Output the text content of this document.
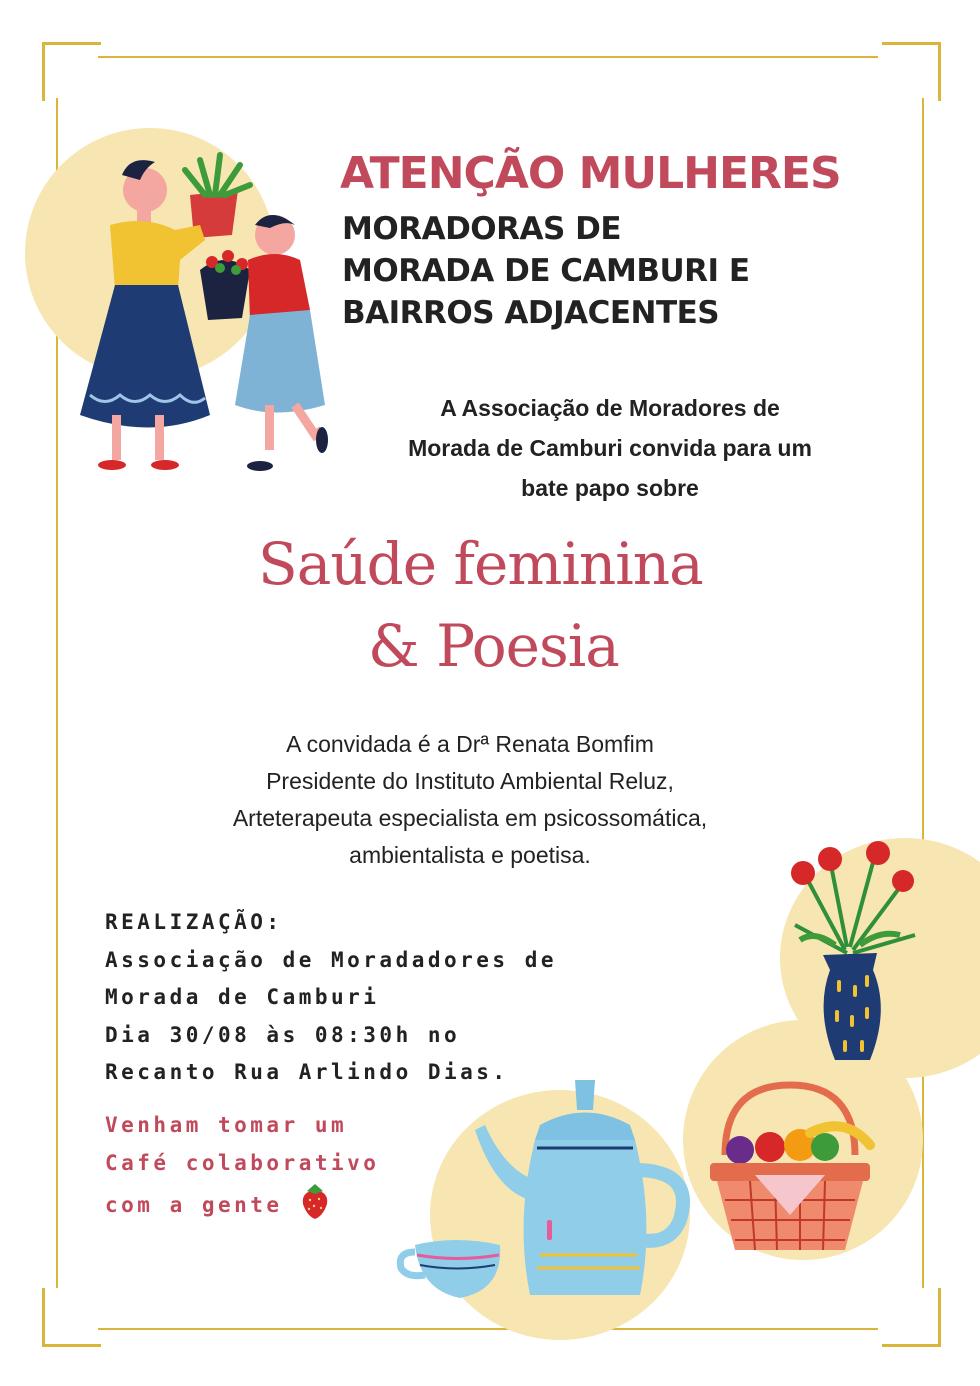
ATENÇÃO MULHERES
MORADORAS DE
MORADA DE CAMBURI E
BAIRROS ADJACENTES
A Associação de Moradores de
Morada de Camburi convida para um
bate papo sobre
Saúde feminina
& Poesia
A convidada é a Drª Renata Bomfim
Presidente do Instituto Ambiental Reluz,
Arteterapeuta especialista em psicossomática,
ambientalista e poetisa.
REALIZAÇÃO:
Associação de Moradadores de
Morada de Camburi
Dia 30/08 às 08:30h no
Recanto Rua Arlindo Dias.
Venham tomar um
Café colaborativo
com a gente
